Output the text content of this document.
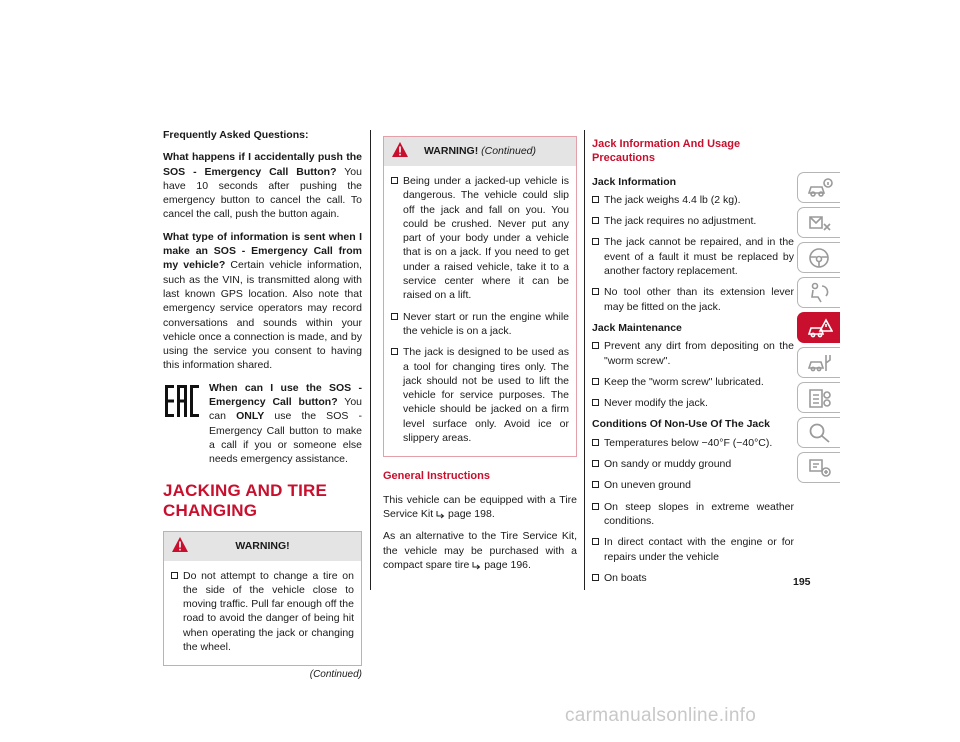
Frequently Asked Questions:

What happens if I accidentally push the SOS - Emergency Call Button? You have 10 seconds after pushing the emergency button to cancel the call. To cancel the call, push the button again.

What type of information is sent when I make an SOS - Emergency Call from my vehicle? Certain vehicle information, such as the VIN, is transmitted along with last known GPS location. Also note that emergency service operators may record conversations and sounds within your vehicle once a connection is made, and by using the service you consent to having this information shared.

When can I use the SOS - Emergency Call button? You can ONLY use the SOS - Emergency Call button to make a call if you or someone else needs emergency assistance.

JACKING AND TIRE CHANGING
WARNING!
Do not attempt to change a tire on the side of the vehicle close to moving traffic. Pull far enough off the road to avoid the danger of being hit when operating the jack or changing the wheel.
(Continued)
WARNING! (Continued)
Being under a jacked-up vehicle is dangerous. The vehicle could slip off the jack and fall on you. You could be crushed. Never put any part of your body under a vehicle that is on a jack. If you need to get under a raised vehicle, take it to a service center where it can be raised on a lift.
Never start or run the engine while the vehicle is on a jack.
The jack is designed to be used as a tool for changing tires only. The jack should not be used to lift the vehicle for service purposes. The vehicle should be jacked on a firm level surface only. Avoid ice or slippery areas.
General Instructions

This vehicle can be equipped with a Tire Service Kit  page 198.

As an alternative to the Tire Service Kit, the vehicle may be purchased with a compact spare tire  page 196.

Jack Information And Usage Precautions
Jack Information
The jack weighs 4.4 lb (2 kg).
The jack requires no adjustment.
The jack cannot be repaired, and in the event of a fault it must be replaced by another factory replacement.
No tool other than its extension lever may be fitted on the jack.
Jack Maintenance
Prevent any dirt from depositing on the "worm screw".
Keep the "worm screw" lubricated.
Never modify the jack.
Conditions Of Non-Use Of The Jack
Temperatures below −40°F (−40°C).
On sandy or muddy ground
On uneven ground
On steep slopes in extreme weather conditions.
In direct contact with the engine or for repairs under the vehicle
On boats	195
carmanualsonline.info
